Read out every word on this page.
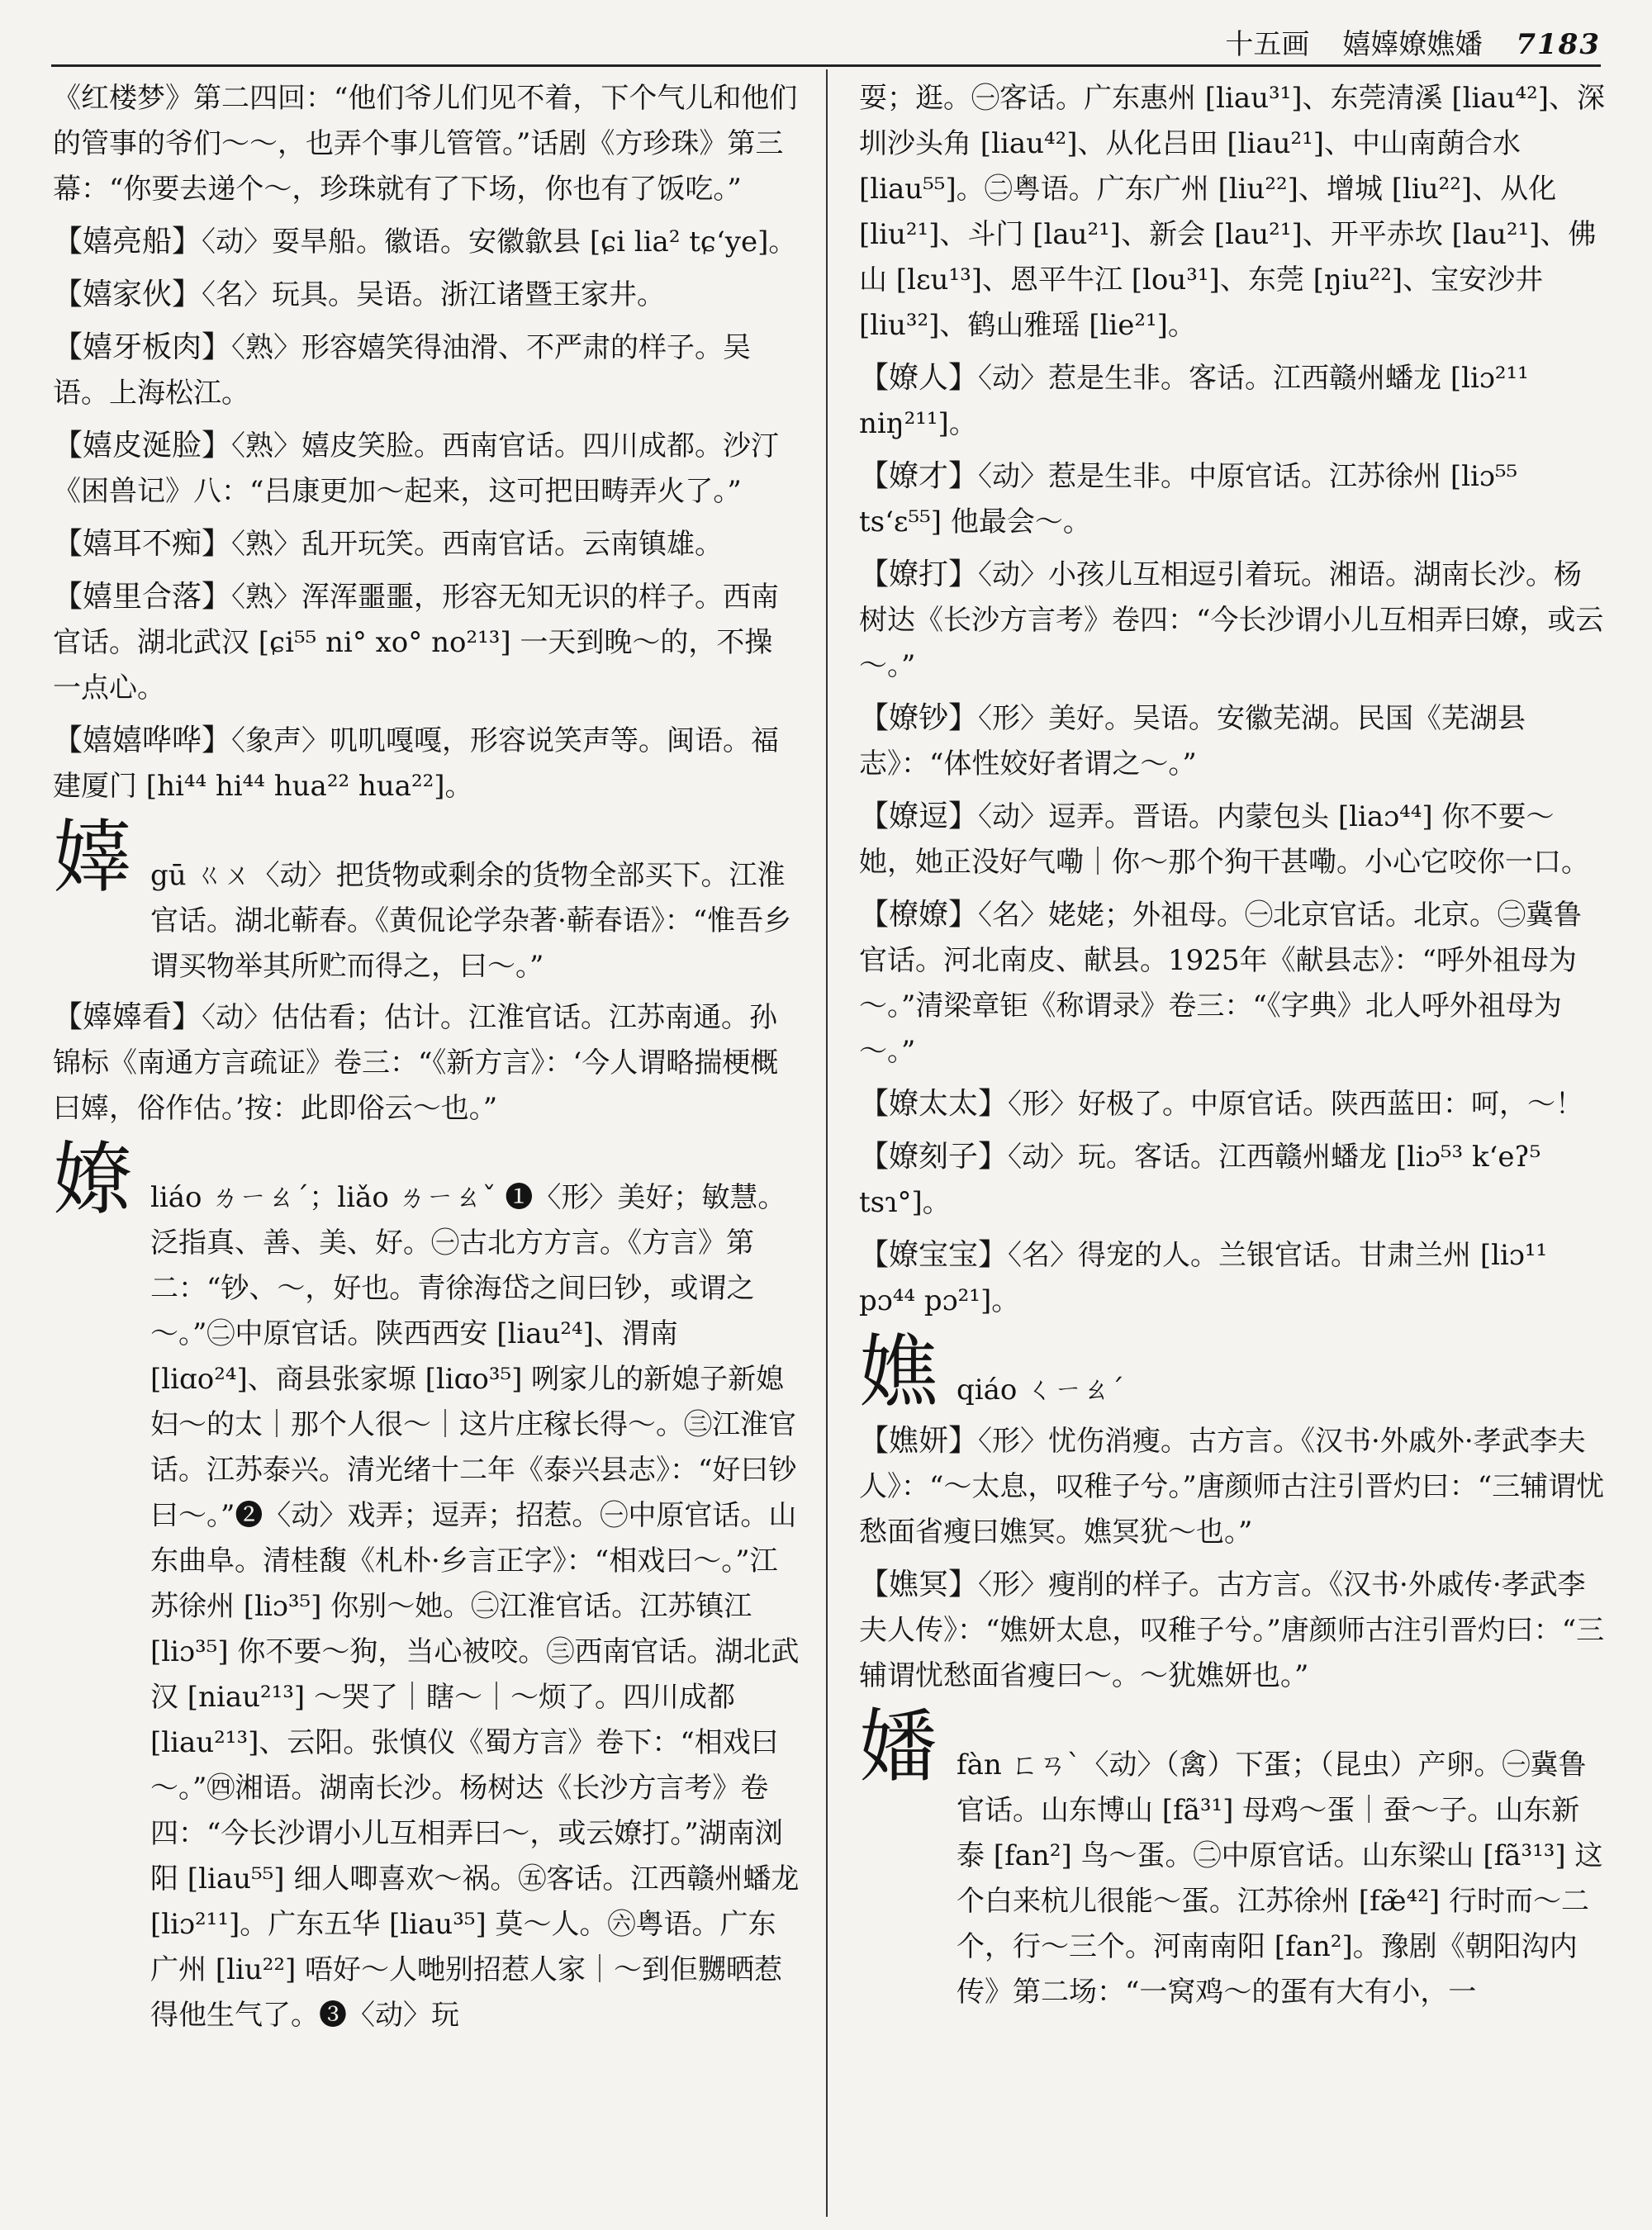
十五画 嬉嫴嫽嫶嬏 7183

《红楼梦》第二四回：“他们爷儿们见不着，下个气儿和他们的管事的爷们～～，也弄个事儿管管。”话剧《方珍珠》第三幕：“你要去递个～，珍珠就有了下场，你也有了饭吃。”

【嬉亮船】〈动〉耍旱船。徽语。安徽歙县 [ɕi lia² tɕ‘ye]。

【嬉家伙】〈名〉玩具。吴语。浙江诸暨王家井。

【嬉牙板肉】〈熟〉形容嬉笑得油滑、不严肃的样子。吴语。上海松江。

【嬉皮涎脸】〈熟〉嬉皮笑脸。西南官话。四川成都。沙汀《困兽记》八：“吕康更加～起来，这可把田畴弄火了。”

【嬉耳不痴】〈熟〉乱开玩笑。西南官话。云南镇雄。

【嬉里合落】〈熟〉浑浑噩噩，形容无知无识的样子。西南官话。湖北武汉 [ɕi⁵⁵ ni° xo° no²¹³] 一天到晚～的，不操一点心。

【嬉嬉哗哗】〈象声〉叽叽嘎嘎，形容说笑声等。闽语。福建厦门 [hi⁴⁴ hi⁴⁴ hua²² hua²²]。

嫴 gū ㄍㄨ〈动〉把货物或剩余的货物全部买下。江淮官话。湖北蕲春。《黄侃论学杂著·蕲春语》：“惟吾乡谓买物举其所贮而得之，曰～。”

【嫴嫴看】〈动〉估估看；估计。江淮官话。江苏南通。孙锦标《南通方言疏证》卷三：“《新方言》：‘今人谓略揣梗概曰嫴，俗作估。’按：此即俗云～也。”

嫽 liáo ㄌㄧㄠˊ；liǎo ㄌㄧㄠˇ ❶〈形〉美好；敏慧。泛指真、善、美、好。㊀古北方方言。《方言》第二：“钞、～，好也。青徐海岱之间曰钞，或谓之～。”㊁中原官话。陕西西安 [liau²⁴]、渭南 [liɑo²⁴]、商县张家塬 [liɑo³⁵] 咧家儿的新媳子新媳妇～的太｜那个人很～｜这片庄稼长得～。㊂江淮官话。江苏泰兴。清光绪十二年《泰兴县志》：“好曰钞曰～。”❷〈动〉戏弄；逗弄；招惹。㊀中原官话。山东曲阜。清桂馥《札朴·乡言正字》：“相戏曰～。”江苏徐州 [liɔ³⁵] 你别～她。㊁江淮官话。江苏镇江 [liɔ³⁵] 你不要～狗，当心被咬。㊂西南官话。湖北武汉 [niau²¹³] ～哭了｜瞎～｜～烦了。四川成都 [liau²¹³]、云阳。张慎仪《蜀方言》卷下：“相戏曰～。”㊃湘语。湖南长沙。杨树达《长沙方言考》卷四：“今长沙谓小儿互相弄曰～，或云嫽打。”湖南浏阳 [liau⁵⁵] 细人唧喜欢～祸。㊄客话。江西赣州蟠龙 [liɔ²¹¹]。广东五华 [liau³⁵] 莫～人。㊅粤语。广东广州 [liu²²] 唔好～人哋别招惹人家｜～到佢嬲晒惹得他生气了。❸〈动〉玩

耍；逛。㊀客话。广东惠州 [liau³¹]、东莞清溪 [liau⁴²]、深圳沙头角 [liau⁴²]、从化吕田 [liau²¹]、中山南蓢合水 [liau⁵⁵]。㊁粤语。广东广州 [liu²²]、增城 [liu²²]、从化 [liu²¹]、斗门 [lau²¹]、新会 [lau²¹]、开平赤坎 [lau²¹]、佛山 [lɛu¹³]、恩平牛江 [lou³¹]、东莞 [ŋiu²²]、宝安沙井 [liu³²]、鹤山雅瑶 [lie²¹]。

【嫽人】〈动〉惹是生非。客话。江西赣州蟠龙 [liɔ²¹¹ niŋ²¹¹]。

【嫽才】〈动〉惹是生非。中原官话。江苏徐州 [liɔ⁵⁵ ts‘ɛ⁵⁵] 他最会～。

【嫽打】〈动〉小孩儿互相逗引着玩。湘语。湖南长沙。杨树达《长沙方言考》卷四：“今长沙谓小儿互相弄曰嫽，或云～。”

【嫽钞】〈形〉美好。吴语。安徽芜湖。民国《芜湖县志》：“体性姣好者谓之～。”

【嫽逗】〈动〉逗弄。晋语。内蒙包头 [liaɔ⁴⁴] 你不要～她，她正没好气嘞｜你～那个狗干甚嘞。小心它咬你一口。

【橑嫽】〈名〉姥姥；外祖母。㊀北京官话。北京。㊁冀鲁官话。河北南皮、献县。1925年《献县志》：“呼外祖母为～。”清梁章钜《称谓录》卷三：“《字典》北人呼外祖母为～。”

【嫽太太】〈形〉好极了。中原官话。陕西蓝田：呵，～！

【嫽刻子】〈动〉玩。客话。江西赣州蟠龙 [liɔ⁵³ k‘eʔ⁵ tsɿ°]。

【嫽宝宝】〈名〉得宠的人。兰银官话。甘肃兰州 [liɔ¹¹ pɔ⁴⁴ pɔ²¹]。

嫶 qiáo ㄑㄧㄠˊ

【嫶妍】〈形〉忧伤消瘦。古方言。《汉书·外戚外·孝武李夫人》：“～太息，叹稚子兮。”唐颜师古注引晋灼曰：“三辅谓忧愁面省瘦曰嫶冥。嫶冥犹～也。”

【嫶冥】〈形〉瘦削的样子。古方言。《汉书·外戚传·孝武李夫人传》：“嫶妍太息，叹稚子兮。”唐颜师古注引晋灼曰：“三辅谓忧愁面省瘦曰～。～犹嫶妍也。”

嬏 fàn ㄈㄢˋ〈动〉（禽）下蛋；（昆虫）产卵。㊀冀鲁官话。山东博山 [fã³¹] 母鸡～蛋｜蚕～子。山东新泰 [fan²] 鸟～蛋。㊁中原官话。山东梁山 [fã³¹³] 这个白来杭儿很能～蛋。江苏徐州 [fæ̃⁴²] 行时而～二个，行～三个。河南南阳 [fan²]。豫剧《朝阳沟内传》第二场：“一窝鸡～的蛋有大有小，一
